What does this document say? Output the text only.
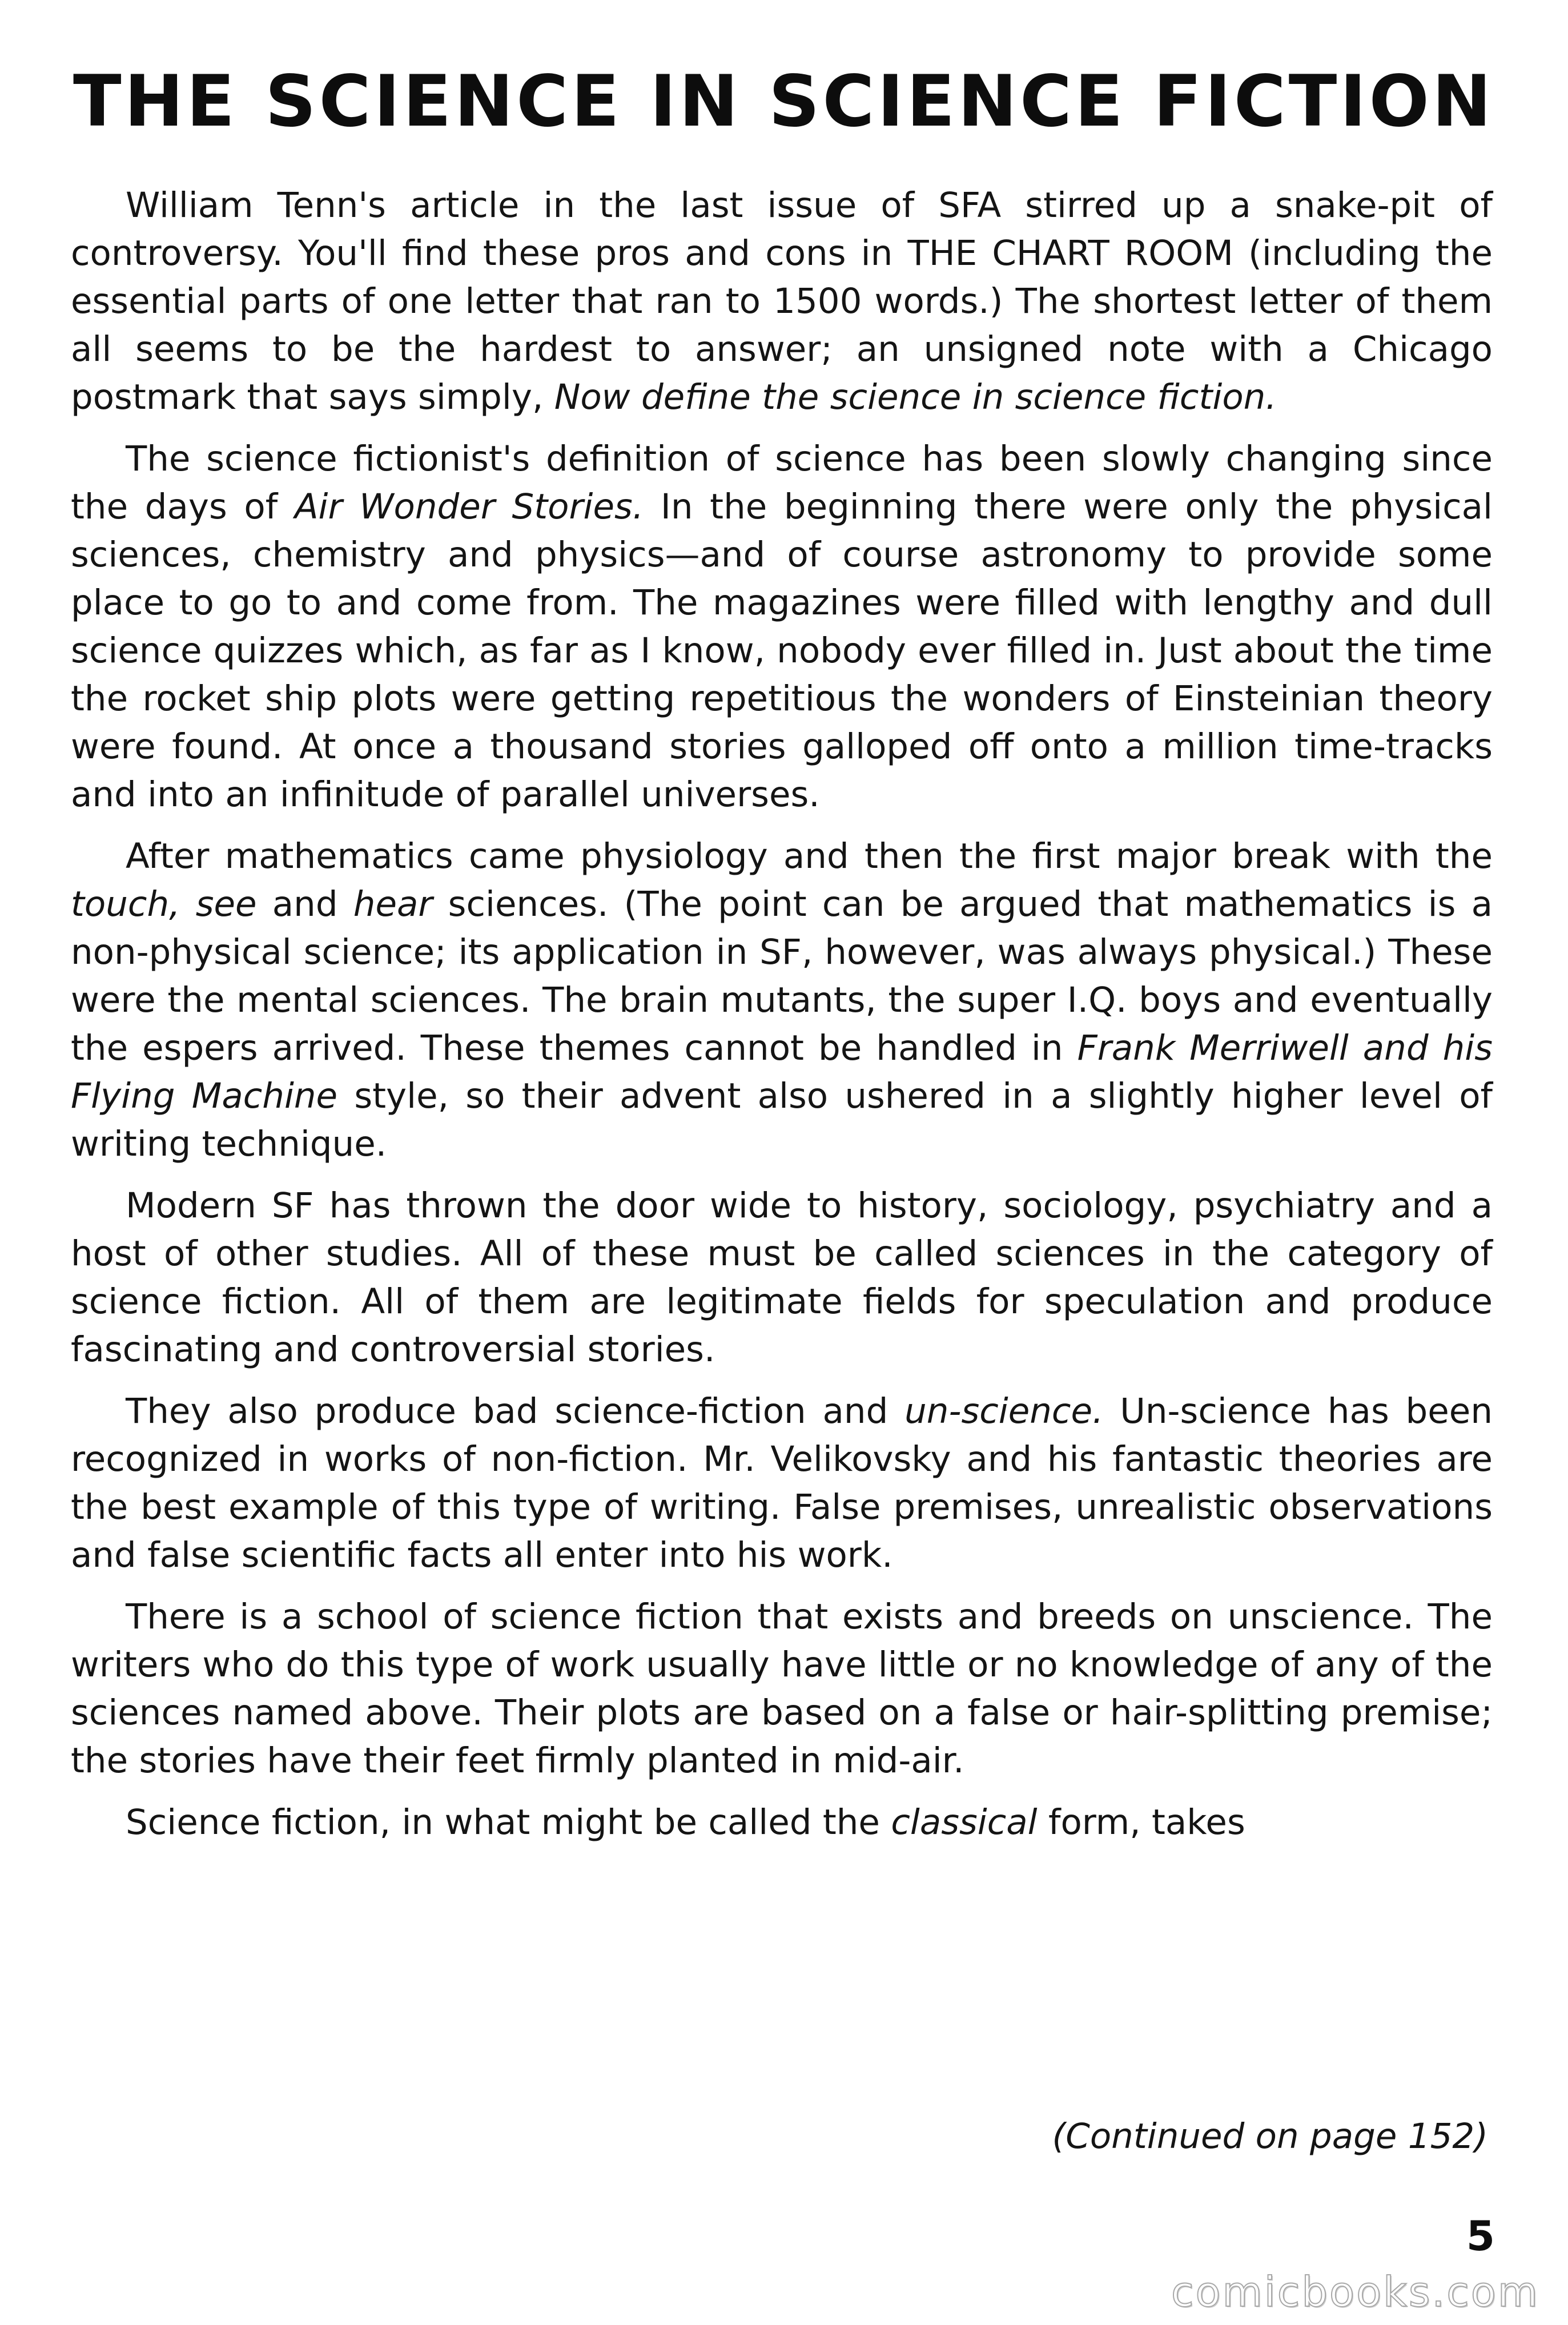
THE SCIENCE IN SCIENCE FICTION

William Tenn's article in the last issue of SFA stirred up a snake-pit of controversy. You'll find these pros and cons in THE CHART ROOM (including the essential parts of one letter that ran to 1500 words.) The shortest letter of them all seems to be the hardest to answer; an unsigned note with a Chicago postmark that says simply, Now define the science in science fiction.

The science fictionist's definition of science has been slowly changing since the days of Air Wonder Stories. In the beginning there were only the physical sciences, chemistry and physics—and of course astronomy to provide some place to go to and come from. The magazines were filled with lengthy and dull science quizzes which, as far as I know, nobody ever filled in. Just about the time the rocket ship plots were getting repetitious the wonders of Einsteinian theory were found. At once a thousand stories galloped off onto a million time-tracks and into an infinitude of parallel universes.

After mathematics came physiology and then the first major break with the touch, see and hear sciences. (The point can be argued that mathematics is a non-physical science; its application in SF, however, was always physical.) These were the mental sciences. The brain mutants, the super I.Q. boys and eventually the espers arrived. These themes cannot be handled in Frank Merriwell and his Flying Machine style, so their advent also ushered in a slightly higher level of writing technique.

Modern SF has thrown the door wide to history, sociology, psychiatry and a host of other studies. All of these must be called sciences in the category of science fiction. All of them are legitimate fields for speculation and produce fascinating and controversial stories.

They also produce bad science-fiction and un-science. Un-science has been recognized in works of non-fiction. Mr. Velikovsky and his fantastic theories are the best example of this type of writing. False premises, unrealistic observations and false scientific facts all enter into his work.

There is a school of science fiction that exists and breeds on unscience. The writers who do this type of work usually have little or no knowledge of any of the sciences named above. Their plots are based on a false or hair-splitting premise; the stories have their feet firmly planted in mid-air.

Science fiction, in what might be called the classical form, takes

(Continued on page 152)

5

comicbooks.com
